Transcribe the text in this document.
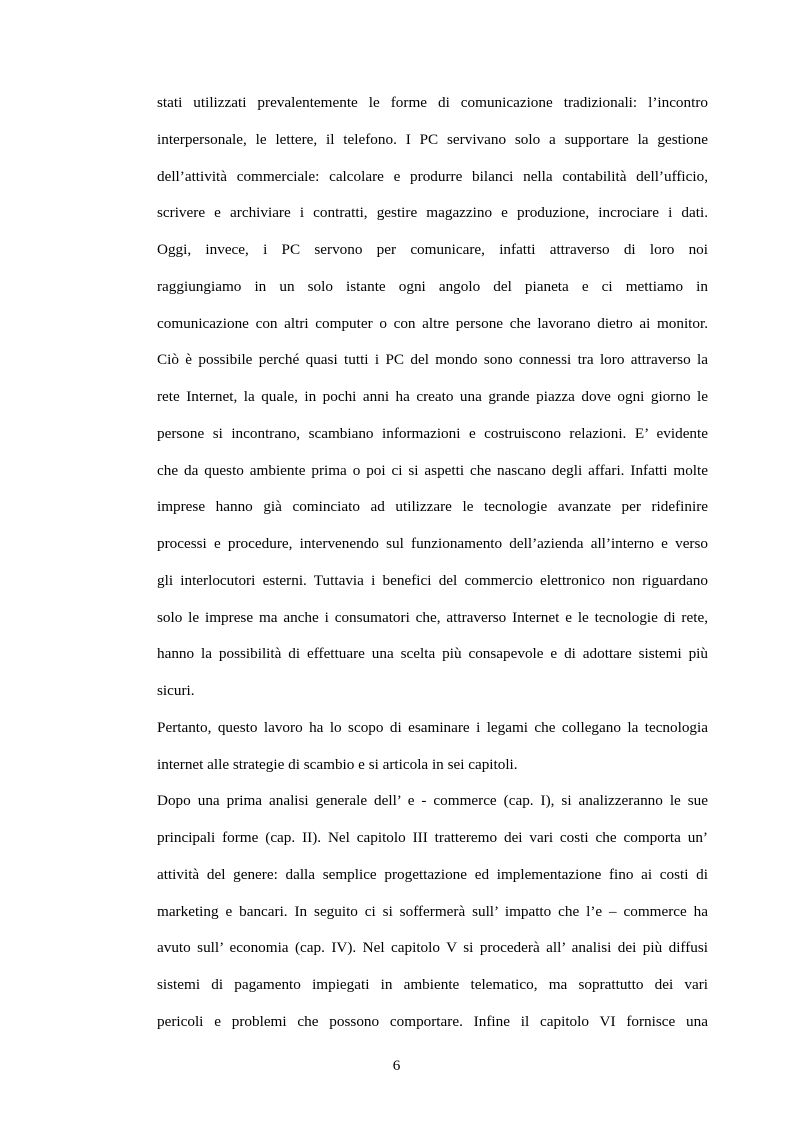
stati utilizzati prevalentemente le forme di comunicazione tradizionali: l’incontro
interpersonale, le lettere, il telefono. I PC servivano solo a supportare la gestione
dell’attività commerciale: calcolare e produrre bilanci nella contabilità dell’ufficio,
scrivere e archiviare i contratti, gestire magazzino e produzione, incrociare i dati.
Oggi, invece, i PC servono per comunicare, infatti attraverso di loro noi
raggiungiamo in un solo istante ogni angolo del pianeta e ci mettiamo in
comunicazione con altri computer o con altre persone che lavorano dietro ai monitor.
Ciò è possibile perché quasi tutti i PC del mondo sono connessi tra loro attraverso la
rete Internet, la quale, in pochi anni ha creato una grande piazza dove ogni giorno le
persone si incontrano, scambiano informazioni e costruiscono relazioni. E’ evidente
che da questo ambiente prima o poi ci si aspetti che nascano degli affari. Infatti molte
imprese hanno già cominciato ad utilizzare le tecnologie avanzate per ridefinire
processi e procedure, intervenendo sul funzionamento dell’azienda all’interno e verso
gli interlocutori esterni. Tuttavia i benefici del commercio elettronico non riguardano
solo le imprese ma anche i consumatori che, attraverso Internet e le tecnologie di rete,
hanno la possibilità di effettuare una scelta più consapevole e di adottare sistemi più
sicuri.
Pertanto, questo lavoro ha lo scopo di esaminare i legami che collegano la tecnologia
internet alle strategie di scambio e si articola in sei capitoli.
Dopo una prima analisi generale dell’ e - commerce (cap. I), si analizzeranno le sue
principali forme (cap. II). Nel capitolo III tratteremo dei vari costi che comporta un’
attività del genere: dalla semplice progettazione ed implementazione fino ai costi di
marketing e bancari. In seguito ci si soffermerà sull’ impatto che l’e – commerce ha
avuto sull’ economia (cap. IV). Nel capitolo V si procederà all’ analisi dei più diffusi
sistemi di pagamento impiegati in ambiente telematico, ma soprattutto dei vari
pericoli e problemi che possono comportare. Infine il capitolo VI fornisce una
6
